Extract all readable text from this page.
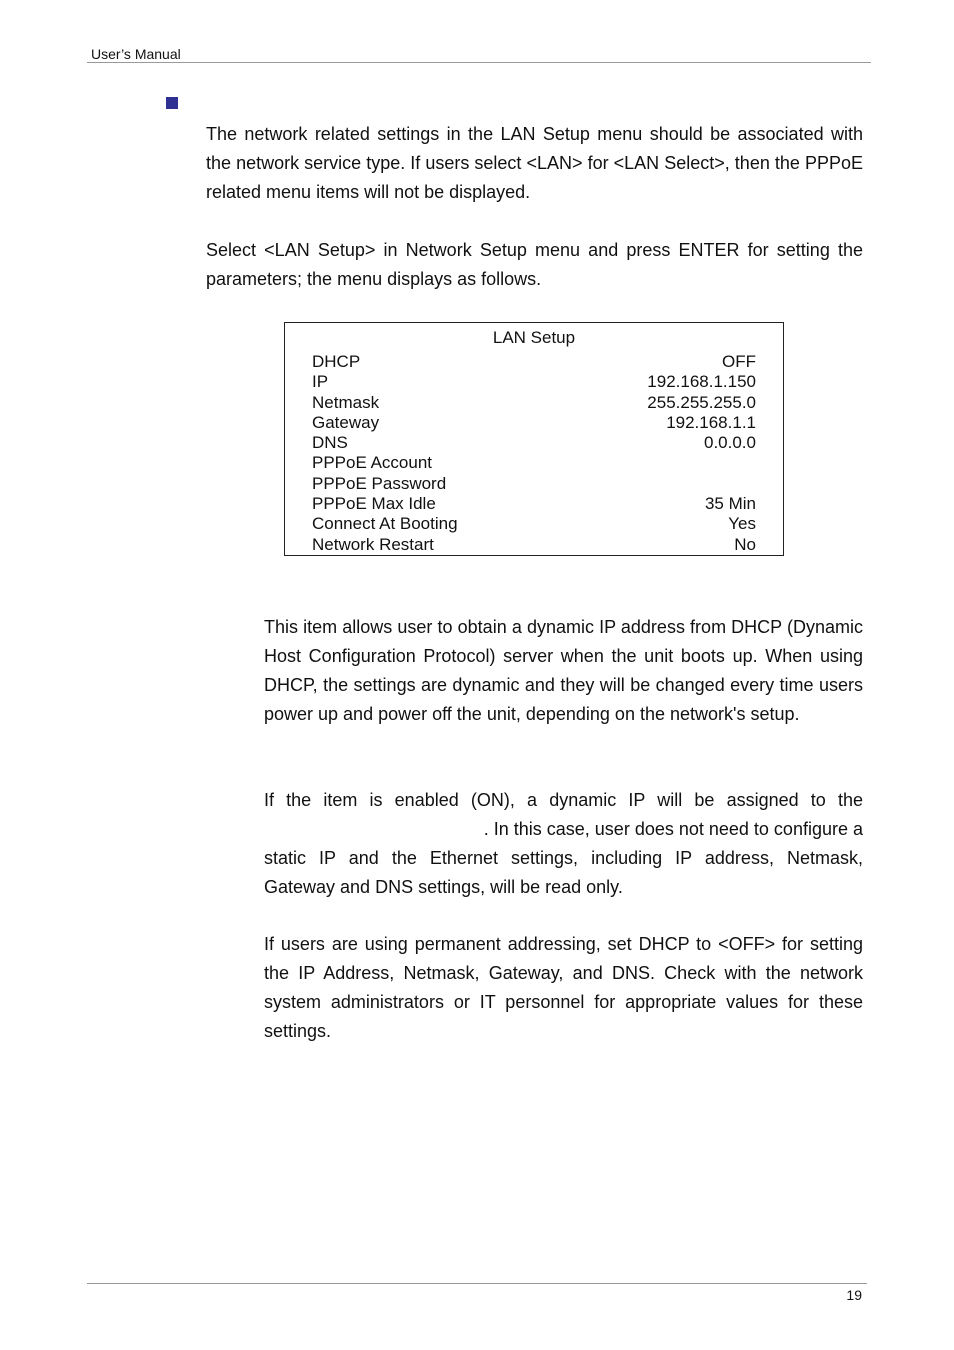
User’s Manual

The network related settings in the LAN Setup menu should be associated with the network service type. If users select <LAN> for <LAN Select>, then the PPPoE related menu items will not be displayed.

Select <LAN Setup> in Network Setup menu and press ENTER for setting the parameters; the menu displays as follows.

LAN Setup
DHCP	OFF
IP	192.168.1.150
Netmask	255.255.255.0
Gateway	192.168.1.1
DNS	0.0.0.0
PPPoE Account
PPPoE Password
PPPoE Max Idle	35 Min
Connect At Booting	Yes
Network Restart	No

This item allows user to obtain a dynamic IP address from DHCP (Dynamic Host Configuration Protocol) server when the unit boots up. When using DHCP, the settings are dynamic and they will be changed every time users power up and power off the unit, depending on the network's setup.

If the item is enabled (ON), a dynamic IP will be assigned to the
. In this case, user does not need to configure a
static IP and the Ethernet settings, including IP address, Netmask, Gateway and DNS settings, will be read only.

If users are using permanent addressing, set DHCP to <OFF> for setting the IP Address, Netmask, Gateway, and DNS. Check with the network system administrators or IT personnel for appropriate values for these settings.

19
